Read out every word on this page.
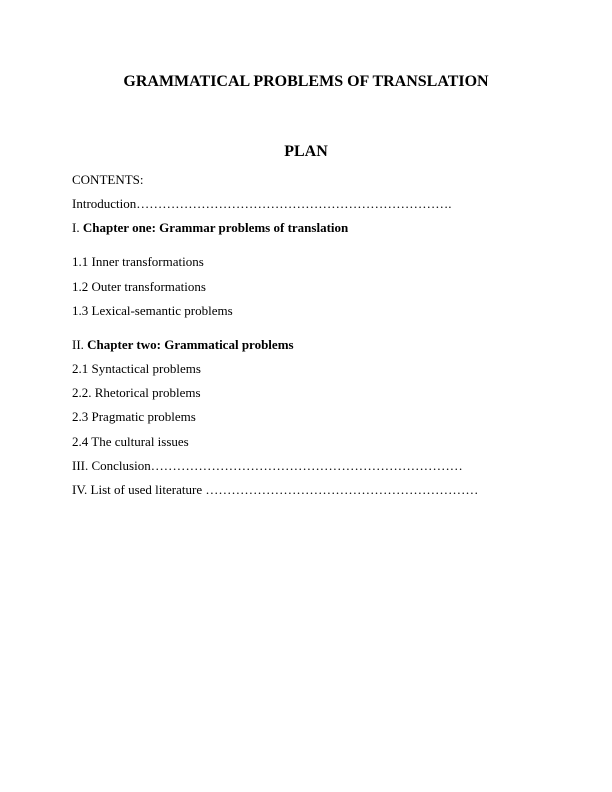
GRAMMATICAL PROBLEMS OF TRANSLATION
PLAN
CONTENTS:
Introduction……………………………………………………………….
I. Chapter one: Grammar problems of translation
1.1 Inner transformations
1.2 Outer transformations
1.3 Lexical-semantic problems
II. Chapter two: Grammatical problems
2.1 Syntactical problems
2.2. Rhetorical problems
2.3 Pragmatic problems
2.4 The cultural issues
III. Conclusion………………………………………………………………
IV. List of used literature ………………………………………………………
